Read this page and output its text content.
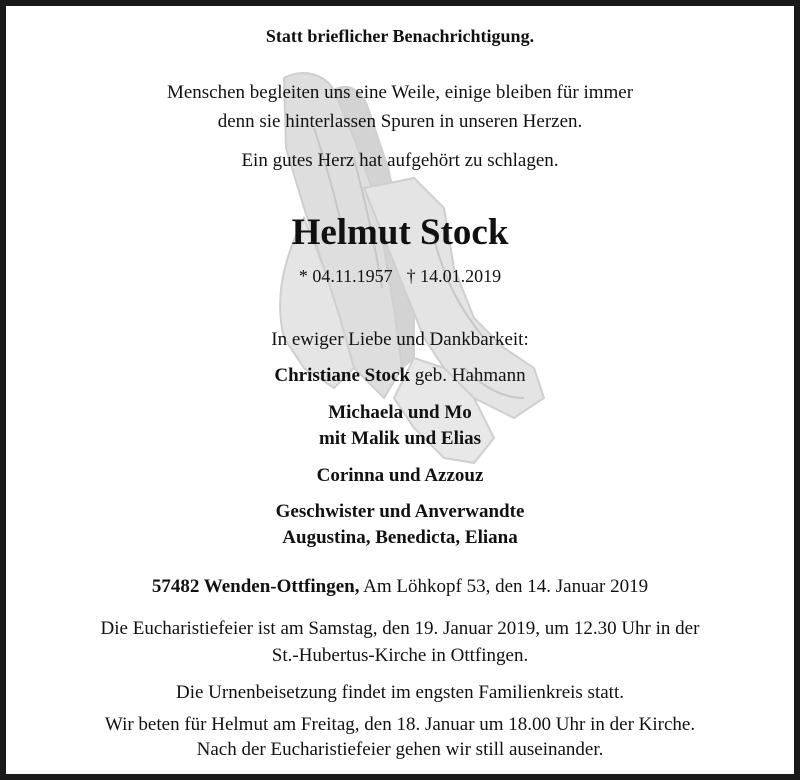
Statt brieflicher Benachrichtigung.
Menschen begleiten uns eine Weile, einige bleiben für immer
denn sie hinterlassen Spuren in unseren Herzen.
Ein gutes Herz hat aufgehört zu schlagen.
Helmut Stock
* 04.11.1957 † 14.01.2019
In ewiger Liebe und Dankbarkeit:
Christiane Stock geb. Hahmann
Michaela und Mo
mit Malik und Elias
Corinna und Azzouz
Geschwister und Anverwandte
Augustina, Benedicta, Eliana
57482 Wenden-Ottfingen, Am Löhkopf 53, den 14. Januar 2019
Die Eucharistiefeier ist am Samstag, den 19. Januar 2019, um 12.30 Uhr in der
St.-Hubertus-Kirche in Ottfingen.
Die Urnenbeisetzung findet im engsten Familienkreis statt.
Wir beten für Helmut am Freitag, den 18. Januar um 18.00 Uhr in der Kirche.
Nach der Eucharistiefeier gehen wir still auseinander.
